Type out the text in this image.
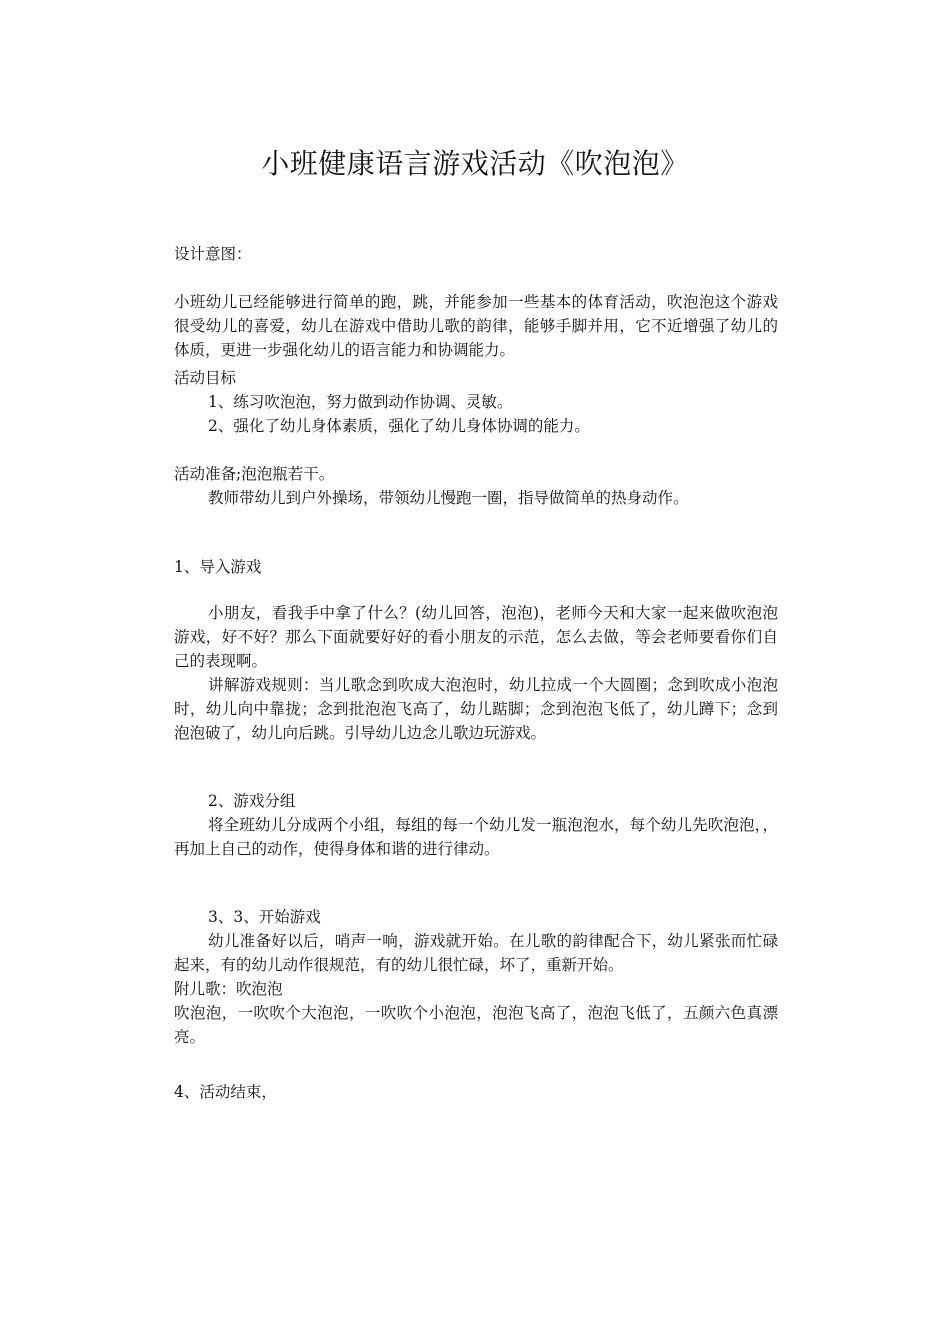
小班健康语言游戏活动《吹泡泡》
设计意图：
小班幼儿已经能够进行简单的跑，跳，并能参加一些基本的体育活动，吹泡泡这个游戏很受幼儿的喜爱，幼儿在游戏中借助儿歌的韵律，能够手脚并用，它不近增强了幼儿的体质，更进一步强化幼儿的语言能力和协调能力。
活动目标
1、练习吹泡泡，努力做到动作协调、灵敏。
2、强化了幼儿身体素质，强化了幼儿身体协调的能力。
活动准备;泡泡瓶若干。
教师带幼儿到户外操场，带领幼儿慢跑一圈，指导做简单的热身动作。
1、导入游戏
小朋友，看我手中拿了什么？(幼儿回答，泡泡)，老师今天和大家一起来做吹泡泡游戏，好不好？那么下面就要好好的看小朋友的示范，怎么去做，等会老师要看你们自己的表现啊。
讲解游戏规则：当儿歌念到吹成大泡泡时，幼儿拉成一个大圆圈；念到吹成小泡泡时，幼儿向中靠拢；念到批泡泡飞高了，幼儿踮脚；念到泡泡飞低了，幼儿蹲下；念到泡泡破了，幼儿向后跳。引导幼儿边念儿歌边玩游戏。
2、游戏分组
将全班幼儿分成两个小组，每组的每一个幼儿发一瓶泡泡水，每个幼儿先吹泡泡，，再加上自己的动作，使得身体和谐的进行律动。
3、3、开始游戏
幼儿准备好以后，哨声一响，游戏就开始。在儿歌的韵律配合下，幼儿紧张而忙碌起来，有的幼儿动作很规范，有的幼儿很忙碌，坏了，重新开始。
附儿歌：吹泡泡
吹泡泡，一吹吹个大泡泡，一吹吹个小泡泡，泡泡飞高了，泡泡飞低了，五颜六色真漂亮。
4、活动结束，
